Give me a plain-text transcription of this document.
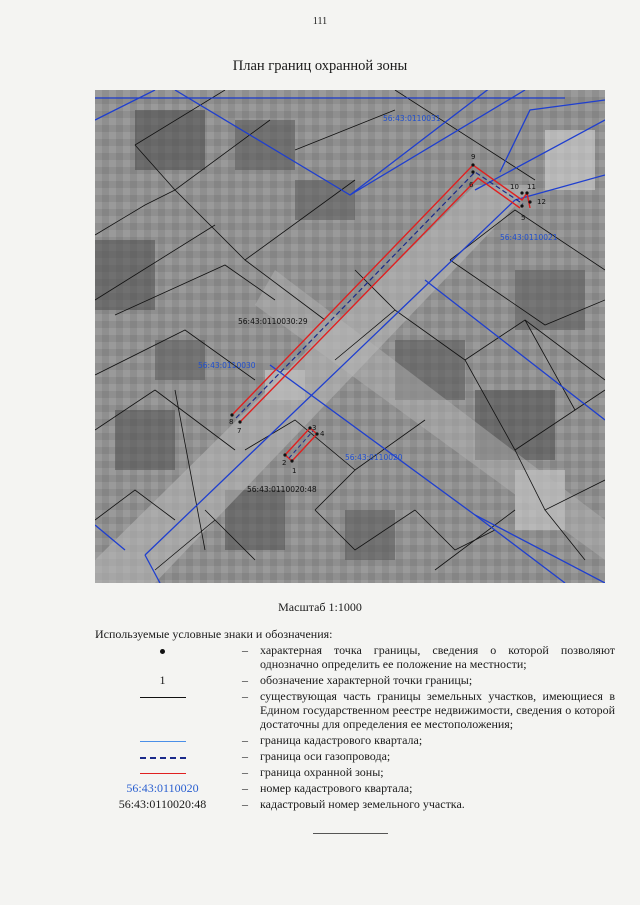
111
План границ охранной зоны
1
2
3
4
5
6
7
8
9
10 11
12
56:43:0110031
56:43:0110021
56:43:0110030
56:43:0110020
56:43:0110030:29
56:43:0110020:48
Масштаб 1:1000
Используемые условные знаки и обозначения:
–	характерная точка границы, сведения о которой позволяют однозначно определить ее положение на местности;
1	–	обозначение характерной точки границы;
–	существующая часть границы земельных участков, имеющиеся в Едином государственном реестре недвижимости, сведения о которой достаточны для определения ее местоположения;
–	граница кадастрового квартала;
–	граница оси газопровода;
–	граница охранной зоны;
56:43:0110020	–	номер кадастрового квартала;
56:43:0110020:48	–	кадастровый номер земельного участка.
